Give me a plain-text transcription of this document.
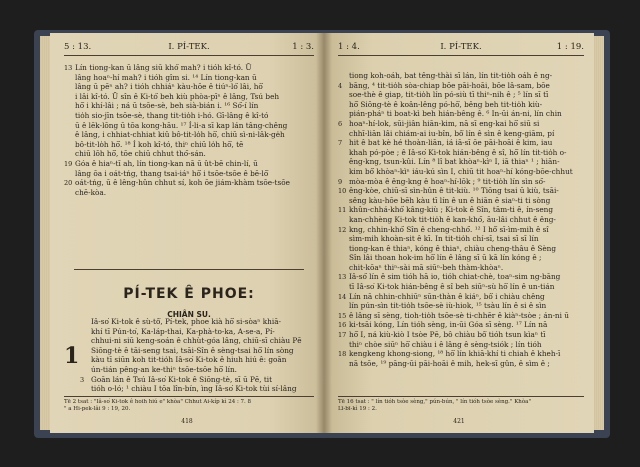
5 : 13.	I. PÍ-TEK.	1 : 3.
13 Lín tiong-kan ū lâng siū khó͘ mah? i tióh kî-tó. Ū
lâng hoaⁿ-hí mah? i tióh gîm si. ¹⁴ Lín tiong-kan ū
lâng ū pēⁿ ah? i tióh chhiáⁿ kàu-hōe ê tiúⁿ-ló͘ lâi, hō͘
i lâi kî-tó. Ū sîn ê Ki-tó͘ beh kiù phòa-pīⁿ ê lâng, Tsú beh
hō͘ i khí-lâi ; ná ū tsōe-sè, beh sià-bián i. ¹⁶ Só͘-í lín
tio̍h sio-jīn tsōe-sè, thang tit-tio̍h i-hó. Gī-lâng ê kî-tó
ū ê lēk-lōng ū tōa kong-hāu. ¹⁷ Í-li-a sī kap lán tâng-chêng
ê lâng, i chhiat-chhiat kiû bô-tit-lo̍h hō͘, chiū sì-ni-lâk-ge̍h
bô-tit-lo̍h hō͘. ¹⁸ Í koh kî-tó, thiⁿ chiū lo̍h hō͘, tē
chiū lōh hō͘, tōe chiū chhut thó͘-sán.
19 Góa ê hiaⁿ-tī ah, lín tiong-kan nā ū ût-bē chin-lí, ū
lâng ōa i oát-tńg, thang tsai-iáⁿ hō͘ i tsōe-tsōe ê bē-lō͘
20 oát-tńg, ū ê lêng-hûn chhut sí, koh ōe jiám-khàm tsōe-tsōe
chē-kòa.
PÍ-TEK Ê PHOE:
CHIÂN SU.
1
Iâ-so͘ Ki-tok ê sù-tô͘, Pí-tek, phoe kià hō͘ si-sòaⁿ khiā-
khí tī Pún-to͘, Ka-láp-thai, Ka-phà-to-ka, A-se-a, Pí-
chhui-ni siū keng-soán ê chhùt-góa lâng, chiū-sī chiàu Pē
Siōng-tè ê tāi-seng tsai, tsāi-Sîn ê sèng-tsai hō͘ lín sòng
kàu tī siūn koh tit-tio̍h Iâ-so͘ Ki-tok ê hiuh hiú ê: goān
ún-tián pêng-an ke-thiⁿ tsōe-tsōe hō͘ lín.
3 Goān lán ê Tsú Iâ-so͘ Ki-tok ê Siōng-tè, sī ū Pē, tit
tióh o-ló; ¹ chiàu I tōa lîn-bín, ìng Iâ-so͘ Ki-tok tùi sí-lâng
Tē 2 tsat : "Iâ-so͘ Ki-tok ê hoih hiú e" khòa" Chhut Ai-kíp kì 24 : 7. 8
" a Hi-pek-lâi 9 : 19, 20.
418
1 : 4.	I. PÍ-TEK.	1 : 19.
tiong koh-oáh, bat têng-thài sī lán, lín tit-tio̍h oáh ê ng-
4 bāng, ⁴ tit-tio̍h sòa-chiap bōe pāi-hoāi, bōe lâ-sam, bōe
soe-thè ê giap, tit-tio̍h lín pó-siù tī thiⁿ-nih ê ; ⁵ lín sī tī
hō͘ Siōng-tè ê koân-lêng pó-hō͘, bêng beh tit-tio̍h kiù-
pián-pháⁿ ti boat-kì beh hián-bêng ê. ⁶ In-ūi án-ni, lín chin
6 hoaⁿ-hí-lok, sūi-jiân hiān-kim, nā sī eng-kai hō͘ siū si
chhī-liān lâi chiám-ai iu-bîn, bô͘ lín ê sìn ê keng-giām, pí
7 hit ê bat kè hé thoàn-liān, iá iā-sī ōe pāi-hoāi ê kim, iau
khah pó-pòe ; ê Iâ-so͘ Ki-tok hián-bêng ê sî, hō͘ lín tit-tio̍h o-
êng-kng, tsun-kûi. Lín ⁸ lî bat khòaⁿ-kìⁿ I, iā thiaⁿ ¹ ; hiān-
kim bô͘ khòaⁿ-kìⁿ iáu-kú sìn I, chiū tit hoaⁿ-hí kóng-bōe-chhut
9 mòa-mòa ê êng-kng ê hoaⁿ-hí-lōk ; ⁹ tit-tio̍h lín sìn só͘-
10 êng-kòe, chiū-sī sìn-hûn ê tit-kiù. ¹⁰ Tiōng tsai ū kiù, tsāi-
sêng kàu-hōe bēh kàu tī lín ê un ê hiān ē siaⁿ-ti ti sòng
11 khûn-chhá-khó͘ kâng-kiù ; Ki-tok ê Sîn, tām-ti ê, ín-seng
kan-chhèng Ki-tok tit-tio̍h ê kan-khó͘, āu-lâi chhut ê êng-
12 kng, chhin-khó͘ Sîn ê cheng-chhó͘. ¹² I hô͘ sī-ìm-mih ê sî
sìm-mih khoàn-sit ê kī. In tit-tio̍h chí-sī, tsai sī sī lín
tiong-kan ê thiaⁿ, kóng ê thiaⁿ, chiàu cheng-thâu ê Sèng
Sîn lâi thoan hok-im hō͘ lín ê lâng sī ū kā lín kóng ê ;
chit-kōaⁿ thiⁿ-sài mā siūⁿ-beh thàm-khòaⁿ.
13 Iâ-só͘ lín ê sim tióh hā io, tióh chiat-chè, toaⁿ-sim ng-bāng
tī Iâ-so͘ Ki-tok hián-bêng ê sî beh siūⁿ-sù hō͘ lín ê un-tián
14 Lín nā chhin-chhiūⁿ sūn-thàn ê kiáⁿ, bô͘ i chiàu chêng
lín pún-sìn tit-tio̍h tsōe-sè iù-hiok, ¹⁵ tsàu lín ê si ê sìn
15 ê lâng sī sèng, tioh-tio̍h tsōe-sè ti-chhēr ê kiàⁿ-tsòe ; án-ni ū
16 ki-tsāi kóng, Lín tióh sèng, in-ūi Góa sī sèng. ¹⁷ Lín nā
17 hō͘ I, ná kiù-kiò I tsòe Pē, bô chiàu bô͘ tióh tsun kìaⁿ tī
thiⁿ chòe siūⁿ hō͘ chiàu i ê lâng ê sèng-tsiók ; lín tióh
18 kengkeng khong-siong, ¹⁸ hō͘ lín khiā-khí ti chiah ê kheh-ī
nā tsōe, ¹⁹ pāng-ūi pāi-hoāi ê mih, hek-sī gûn, ê sìm ê ;
Tē 16 tsat : " lín tióh tsòe sèng," pún-bún, " lín tióh tsòe sèng." Khòa"
Lī-bī-kì 19 : 2.
421
